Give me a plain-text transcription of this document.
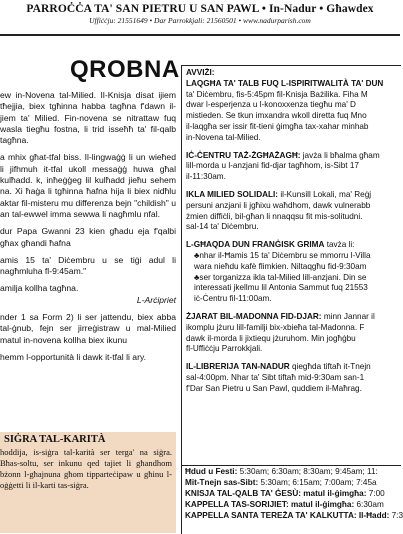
PARROĊĊA TA' SAN PIETRU U SAN PAWL • In-Nadur • Għawdex
Uffiċċju: 21551649 • Dar Parrokkjali: 21560501 • www.nadurparish.com
QROBNA

ew in-Novena tal-Milied. Il-Knisja disat ijiem tħejjia, biex tgħinna habba tagħna f'dawn il-jiem ta' Milied. Fin-novena se nitrattaw fuq wasla tiegħu fostna, li trid isseħħ ta' fil-qalb tagħna.

a mhix għat-tfal biss. Il-lingwaġġ li un wieħed li jifhmuh it-tfal ukoll messaġġ huwa għal kulħadd. k, inħeġġeg lil kulħadd jieħu sehem na. Xi ħaġa li tgħinna ħafna hija li biex nidħlu aktar fil-misteru mu differenza bejn "childish" u an tal-ewwel imma sewwa li nagħmlu nfal.

dur Papa Gwanni 23 kien għadu eja f'qalbi għax għandi ħafna

amis 15 ta' Diċembru u se tiġi adul li nagħmluha fl-9:45am."

amilja kollha tagħna.

L-Arċipriet

nder 1 sa Form 2) li ser jattendu, biex abba tal-ġnub, fejn ser jirreġistraw u mal-Milied matul in-novena kollha biex ikunu

hemm l-opportunità li dawk it-tfal li ary.

SIĠRA TAL-KARITÀ
hoddija, is-siġra tal-karità ser terga' na siġra. Bħas-soltu, ser inkunu qed tajiet li għandhom bżonn l-għajnuna għom tipparteċipaw u għinu l-oġġetti li il-karti tas-siġra.
AVVIŻI:
LAQGĦA TA' TALB FUQ L-ISPIRITWALITÀ TA' DUN
ta' Diċembru, fis-5:45pm fil-Knisja Bażilika. Fiha M
dwar l-esperjenza u l-konoxxenza tiegħu ma' D
mistieden. Se tkun imxandra wkoll diretta fuq Mno
il-laqgħa ser issir fit-tieni ġimgħa tax-xahar minhab
in-Novena tal-Milied.
IĊ-ĊENTRU TAŻ-ŻGĦAŻAGĦ: javża li bħalma għam
lill-morda u l-anzjani fid-djar tagħhom, is-Sibt 17
il-11:30am.
IKLA MILIED SOLIDALI: il-Kunsill Lokali, ma' Reġj
persuni anzjani li jgħixu waħdhom, dawk vulnerabb
żmien diffiċli, bil-għan li nnaqqsu fit mis-solitudni.
sal-14 ta' Diċembru.
L-GĦAQDA DUN FRANĠISK GRIMA tavża li:
♣nhar il-Ħamis 15 ta' Diċembru se mmorru l-Villa
wara nieħdu kafè flimkien. Niltaqgħu fid-9:30am
♣ser torganizza ikla tal-Milied lill-anzjani. Din se
interessati jkellmu lil Antonia Sammut fuq 21553
iċ-Ċentru fil-11:00am.
ŻJARAT BIL-MADONNA FID-DJAR: minn Jannar il
ikomplu jżuru lill-familji bix-xbieħa tal-Madonna. F
dawk il-morda li jixtiequ jżuruhom. Min jogħġbu
fl-Uffiċċju Parrokkjali.
IL-LIBRERIJA TAN-NADUR qiegħda tiftaħ it-Tnejn
sal-4:00pm. Nhar ta' Sibt tiftaħ mid-9:30am san-1
f'Dar San Pietru u San Pawl, quddiem il-Maħrag.
Ħdud u Festi: 5:30am; 6:30am; 8:30am; 9:45am; 11:
Mit-Tnejn sas-Sibt: 5:30am; 6:15am; 7:00am; 7:45a
KNISJA TAL-QALB TA' ĠESÙ: matul il-ġimgħa: 7:00
KAPPELLA TAS-SORIJIET: matul il-ġimgħa: 6:30am
KAPPELLA SANTA TEREŻA TA' KALKUTTA: Il-Ħadd: 7:3
